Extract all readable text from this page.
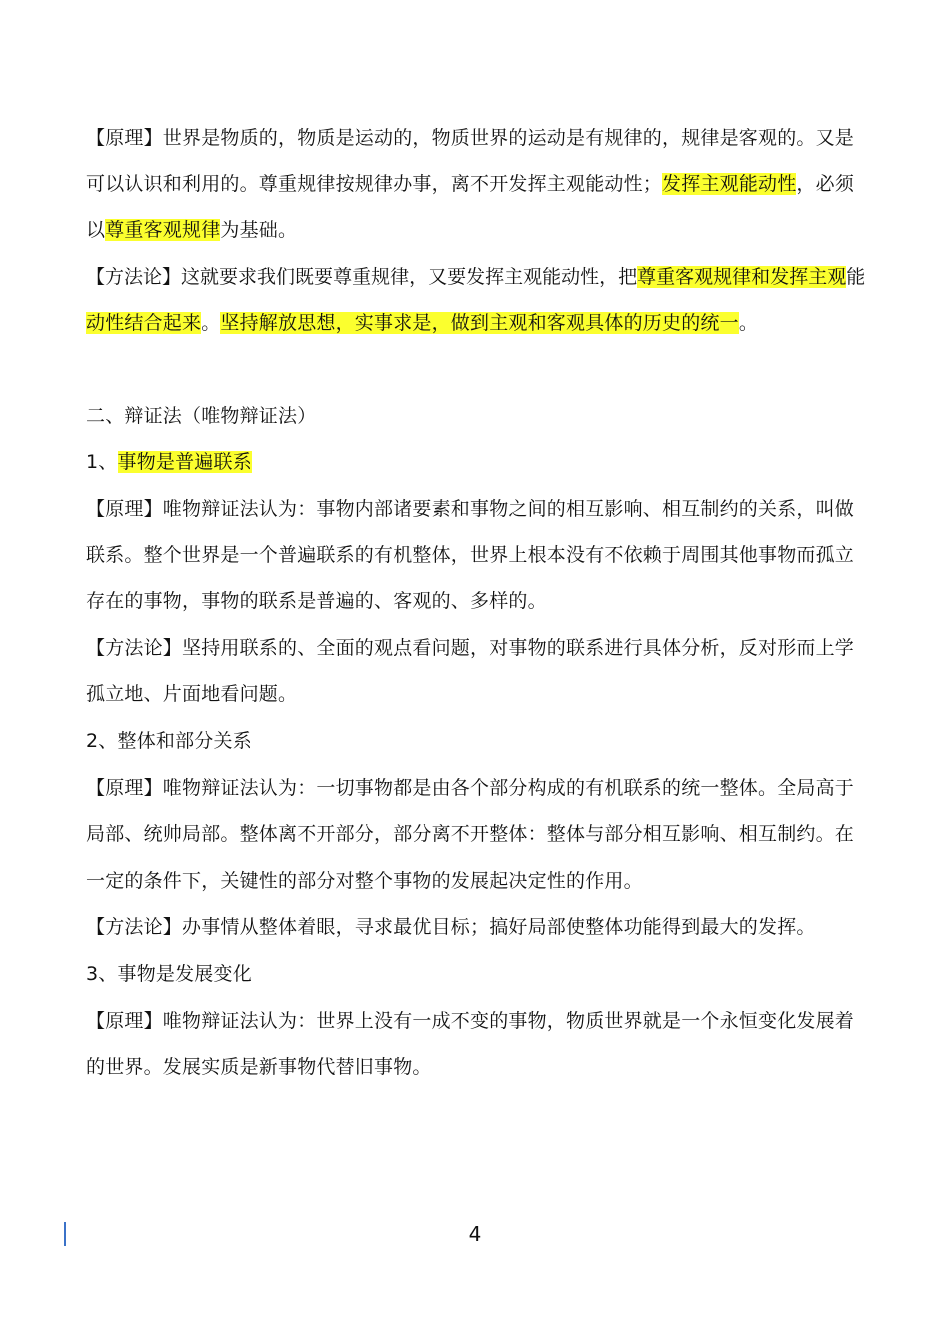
【原理】世界是物质的，物质是运动的，物质世界的运动是有规律的，规律是客观的。又是
可以认识和利用的。尊重规律按规律办事，离不开发挥主观能动性；发挥主观能动性，必须
以尊重客观规律为基础。
【方法论】这就要求我们既要尊重规律，又要发挥主观能动性，把尊重客观规律和发挥主观能
动性结合起来。坚持解放思想，实事求是，做到主观和客观具体的历史的统一。
二、辩证法（唯物辩证法）
1、事物是普遍联系
【原理】唯物辩证法认为：事物内部诸要素和事物之间的相互影响、相互制约的关系，叫做
联系。整个世界是一个普遍联系的有机整体，世界上根本没有不依赖于周围其他事物而孤立
存在的事物，事物的联系是普遍的、客观的、多样的。
【方法论】坚持用联系的、全面的观点看问题，对事物的联系进行具体分析，反对形而上学
孤立地、片面地看问题。
2、整体和部分关系
【原理】唯物辩证法认为：一切事物都是由各个部分构成的有机联系的统一整体。全局高于
局部、统帅局部。整体离不开部分，部分离不开整体：整体与部分相互影响、相互制约。在
一定的条件下，关键性的部分对整个事物的发展起决定性的作用。
【方法论】办事情从整体着眼，寻求最优目标；搞好局部使整体功能得到最大的发挥。
3、事物是发展变化
【原理】唯物辩证法认为：世界上没有一成不变的事物，物质世界就是一个永恒变化发展着
的世界。发展实质是新事物代替旧事物。
4
